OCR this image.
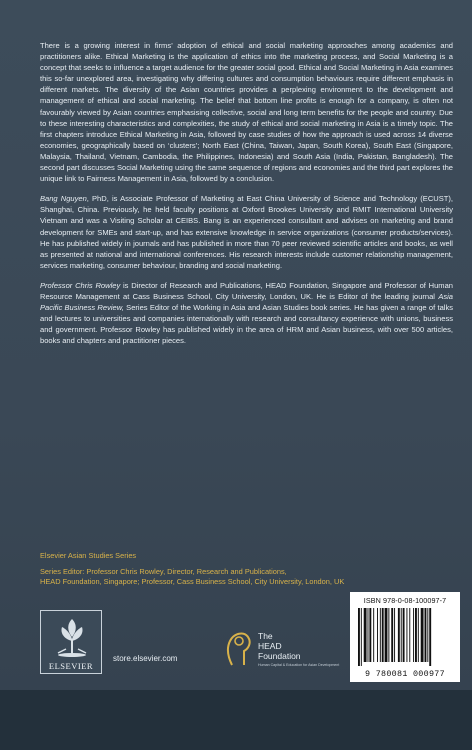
There is a growing interest in firms’ adoption of ethical and social marketing approaches among academics and practitioners alike. Ethical Marketing is the application of ethics into the marketing process, and Social Marketing is a concept that seeks to influence a target audience for the greater social good. Ethical and Social Marketing in Asia examines this so-far unexplored area, investigating why differing cultures and consumption behaviours require different emphasis in different markets. The diversity of the Asian countries provides a perplexing environment to the development and management of ethical and social marketing. The belief that bottom line profits is enough for a company, is often not favourably viewed by Asian countries emphasising collective, social and long term benefits for the people and country. Due to these interesting characteristics and complexities, the study of ethical and social marketing in Asia is a timely topic. The first chapters introduce Ethical Marketing in Asia, followed by case studies of how the approach is used across 14 diverse economies, geographically based on ‘clusters’; North East (China, Taiwan, Japan, South Korea), South East (Singapore, Malaysia, Thailand, Vietnam, Cambodia, the Philippines, Indonesia) and South Asia (India, Pakistan, Bangladesh). The second part discusses Social Marketing using the same sequence of regions and economies and the third part explores the unique link to Fairness Management in Asia, followed by a conclusion.

Bang Nguyen, PhD, is Associate Professor of Marketing at East China University of Science and Technology (ECUST), Shanghai, China. Previously, he held faculty positions at Oxford Brookes University and RMIT International University Vietnam and was a Visiting Scholar at CEIBS. Bang is an experienced consultant and advises on marketing and brand development for SMEs and start-up, and has extensive knowledge in service organizations (consumer products/services). He has published widely in journals and has published in more than 70 peer reviewed scientific articles and books, as well as presented at national and international conferences. His research interests include customer relationship management, services marketing, consumer behaviour, branding and social marketing.

Professor Chris Rowley is Director of Research and Publications, HEAD Foundation, Singapore and Professor of Human Resource Management at Cass Business School, City University, London, UK. He is Editor of the leading journal Asia Pacific Business Review, Series Editor of the Working in Asia and Asian Studies book series. He has given a range of talks and lectures to universities and companies internationally with research and consultancy experience with unions, business and government. Professor Rowley has published widely in the area of HRM and Asian business, with over 500 articles, books and chapters and practitioner pieces.

Elsevier Asian Studies Series
Series Editor: Professor Chris Rowley, Director, Research and Publications,
HEAD Foundation, Singapore; Professor, Cass Business School, City University, London, UK
ELSEVIER
store.elsevier.com
The
HEAD
Foundation
Human Capital & Education for Asian Development
ISBN 978-0-08-100097-7
9 780081 000977
